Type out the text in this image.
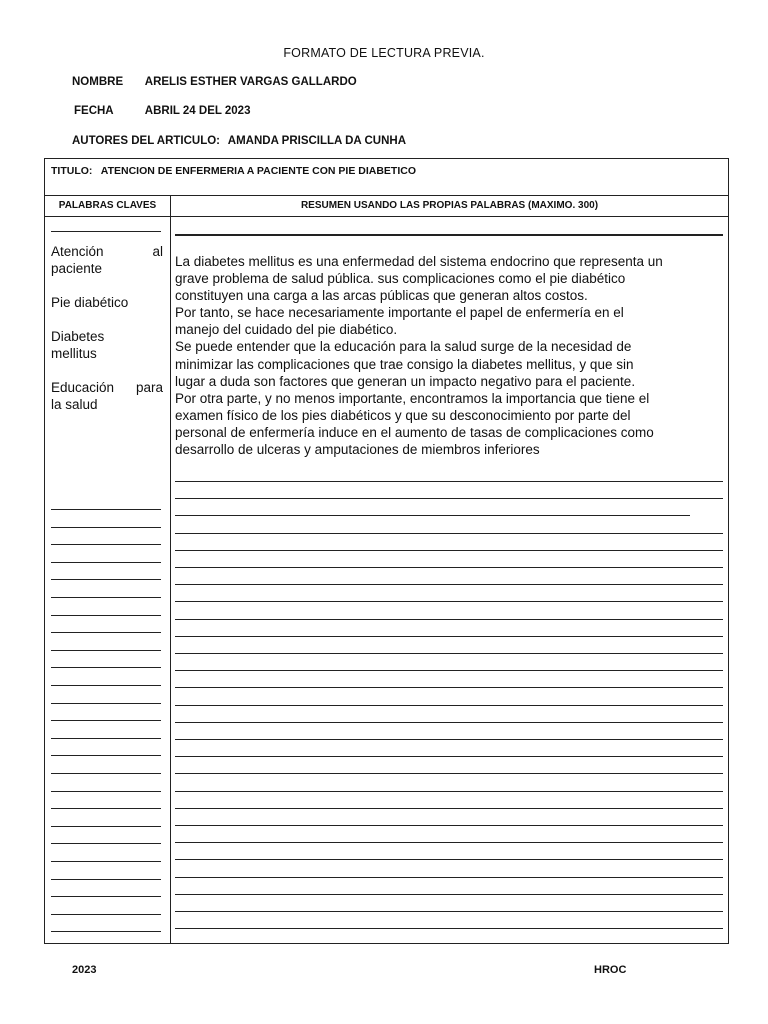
FORMATO DE LECTURA PREVIA.
NOMBRE ARELIS ESTHER VARGAS GALLARDO
FECHA	ABRIL 24 DEL 2023
AUTORES DEL ARTICULO: AMANDA PRISCILLA DA CUNHA
TITULO: ATENCION DE ENFERMERIA A PACIENTE CON PIE DIABETICO
PALABRAS CLAVES	RESUMEN USANDO LAS PROPIAS PALABRAS (MAXIMO. 300)
Atención al
paciente
Pie diabético
Diabetes
mellitus
Educación para
la salud

La diabetes mellitus es una enfermedad del sistema endocrino que representa un

grave problema de salud pública. sus complicaciones como el pie diabético

constituyen una carga a las arcas públicas que generan altos costos.

Por tanto, se hace necesariamente importante el papel de enfermería en el

manejo del cuidado del pie diabético.

Se puede entender que la educación para la salud surge de la necesidad de

minimizar las complicaciones que trae consigo la diabetes mellitus, y que sin

lugar a duda son factores que generan un impacto negativo para el paciente.

Por otra parte, y no menos importante, encontramos la importancia que tiene el

examen físico de los pies diabéticos y que su desconocimiento por parte del

personal de enfermería induce en el aumento de tasas de complicaciones como

desarrollo de ulceras y amputaciones de miembros inferiores

2023	HROC
